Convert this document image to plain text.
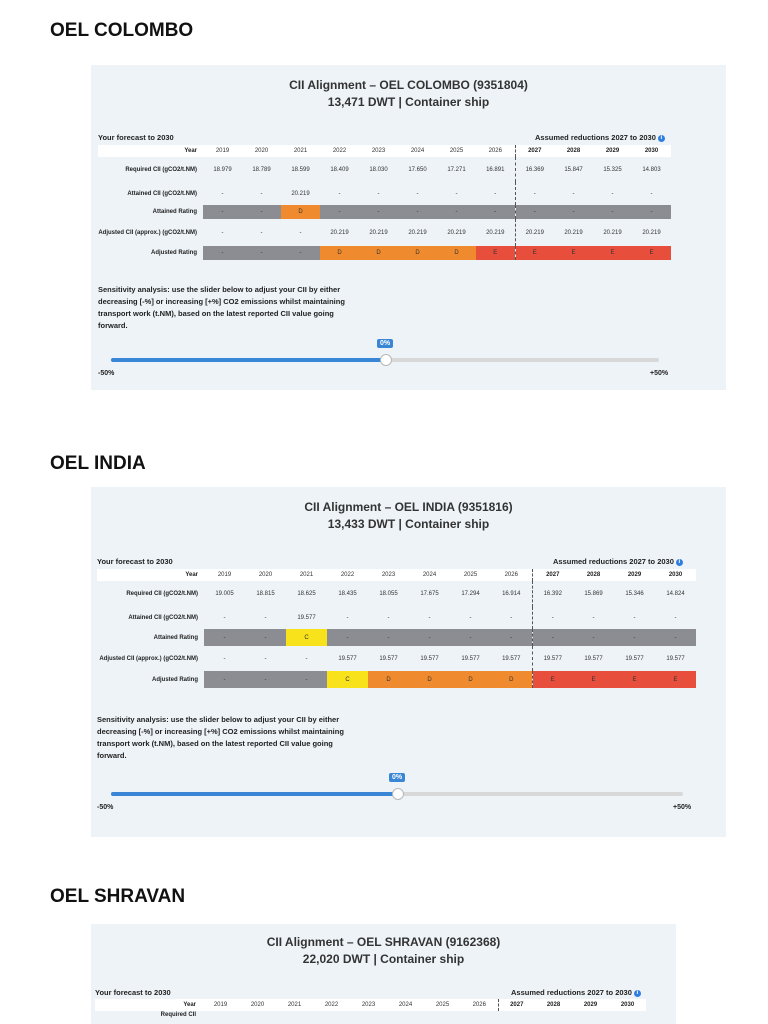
OEL COLOMBO
CII Alignment – OEL COLOMBO (9351804)
13,471 DWT | Container ship
Your forecast to 2030	Assumed reductions 2027 to 2030 i
Year	2019	2020	2021	2022	2023	2024	2025	2026	2027	2028	2029	2030
Required CII (gCO2/t.NM)	18.979	18.789	18.599	18.409	18.030	17.650	17.271	16.891	16.369	15.847	15.325	14.803
Attained CII (gCO2/t.NM)	-	-	20.219	-	-	-	-	-	-	-	-	-
Attained Rating	-	-	D	-	-	-	-	-	-	-	-	-
Adjusted CII (approx.) (gCO2/t.NM)	-	-	-	20.219	20.219	20.219	20.219	20.219	20.219	20.219	20.219	20.219
Adjusted Rating	-	-	-	D	D	D	D	E	E	E	E	E
Sensitivity analysis: use the slider below to adjust your CII by either decreasing [-%] or increasing [+%] CO2 emissions whilst maintaining transport work (t.NM), based on the latest reported CII value going forward.
0%
-50%	+50%
OEL INDIA
CII Alignment – OEL INDIA (9351816)
13,433 DWT | Container ship
Your forecast to 2030	Assumed reductions 2027 to 2030 i
Year	2019	2020	2021	2022	2023	2024	2025	2026	2027	2028	2029	2030
Required CII (gCO2/t.NM)	19.005	18.815	18.625	18.435	18.055	17.675	17.294	16.914	16.392	15.869	15.346	14.824
Attained CII (gCO2/t.NM)	-	-	19.577	-	-	-	-	-	-	-	-	-
Attained Rating	-	-	C	-	-	-	-	-	-	-	-	-
Adjusted CII (approx.) (gCO2/t.NM)	-	-	-	19.577	19.577	19.577	19.577	19.577	19.577	19.577	19.577	19.577
Adjusted Rating	-	-	-	C	D	D	D	D	E	E	E	E
Sensitivity analysis: use the slider below to adjust your CII by either decreasing [-%] or increasing [+%] CO2 emissions whilst maintaining transport work (t.NM), based on the latest reported CII value going forward.
0%
-50%	+50%
OEL SHRAVAN
CII Alignment – OEL SHRAVAN (9162368)
22,020 DWT | Container ship
Your forecast to 2030	Assumed reductions 2027 to 2030 i
Year	2019	2020	2021	2022	2023	2024	2025	2026	2027	2028	2029	2030
Required CII												
